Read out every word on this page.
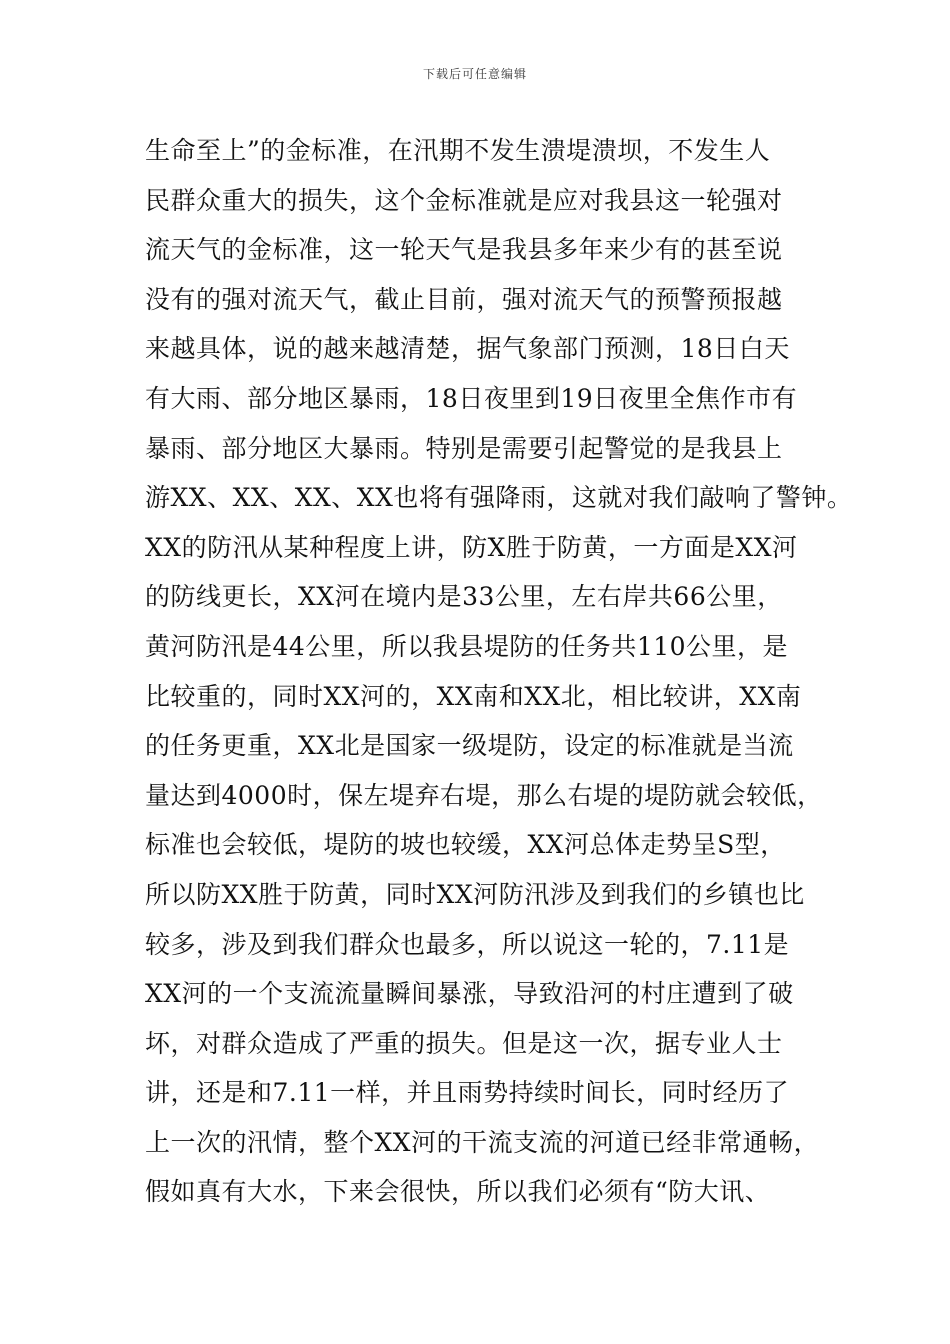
下载后可任意编辑
生命至上”的金标准，在汛期不发生溃堤溃坝，不发生人
民群众重大的损失，这个金标准就是应对我县这一轮强对
流天气的金标准，这一轮天气是我县多年来少有的甚至说
没有的强对流天气，截止目前，强对流天气的预警预报越
来越具体，说的越来越清楚，据气象部门预测，18日白天
有大雨、部分地区暴雨，18日夜里到19日夜里全焦作市有
暴雨、部分地区大暴雨。特别是需要引起警觉的是我县上
游XX、XX、XX、XX也将有强降雨，这就对我们敲响了警钟。
XX的防汛从某种程度上讲，防X胜于防黄，一方面是XX河
的防线更长，XX河在境内是33公里，左右岸共66公里，
黄河防汛是44公里，所以我县堤防的任务共110公里，是
比较重的，同时XX河的，XX南和XX北，相比较讲，XX南
的任务更重，XX北是国家一级堤防，设定的标准就是当流
量达到4000时，保左堤弃右堤，那么右堤的堤防就会较低，
标准也会较低，堤防的坡也较缓，XX河总体走势呈S型，
所以防XX胜于防黄，同时XX河防汛涉及到我们的乡镇也比
较多，涉及到我们群众也最多，所以说这一轮的，7.11是
XX河的一个支流流量瞬间暴涨，导致沿河的村庄遭到了破
坏，对群众造成了严重的损失。但是这一次，据专业人士
讲，还是和7.11一样，并且雨势持续时间长，同时经历了
上一次的汛情，整个XX河的干流支流的河道已经非常通畅，
假如真有大水，下来会很快，所以我们必须有“防大讯、
